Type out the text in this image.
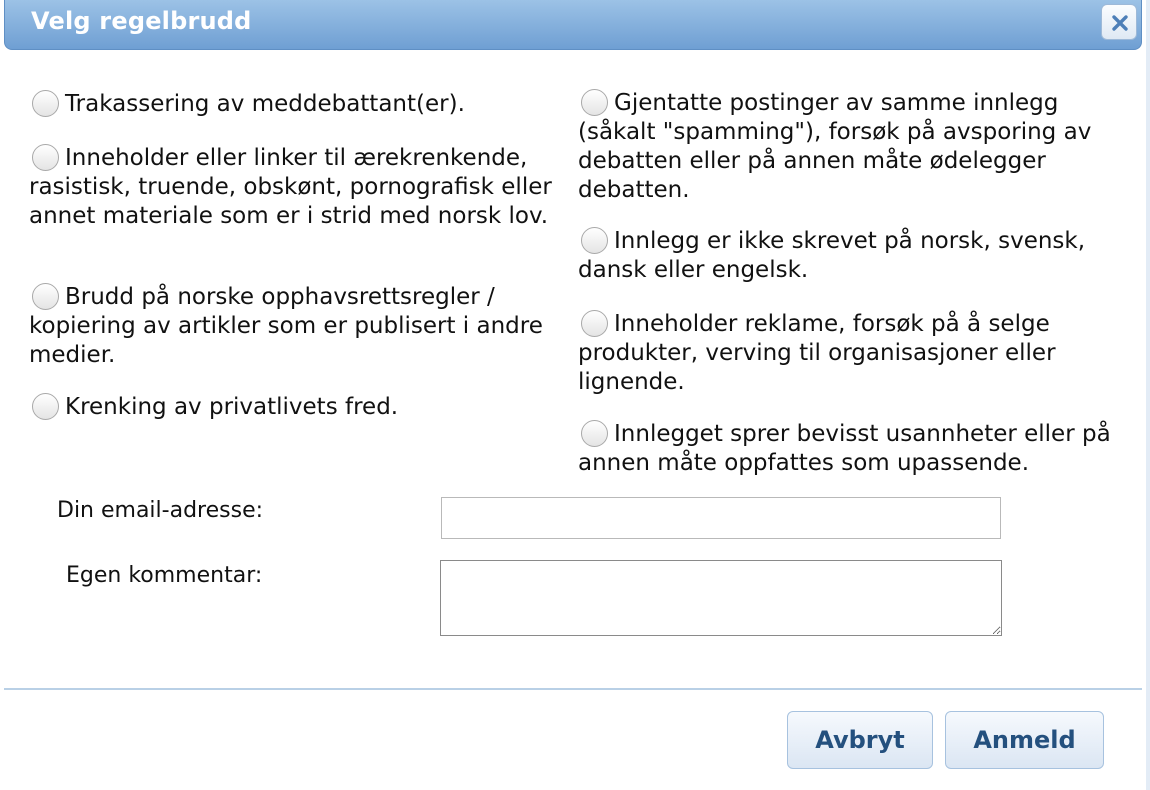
Velg regelbrudd
Trakassering av meddebattant(er).
Inneholder eller linker til ærekrenkende, rasistisk, truende, obskønt, pornografisk eller annet materiale som er i strid med norsk lov.
Brudd på norske opphavsrettsregler / kopiering av artikler som er publisert i andre medier.
Krenking av privatlivets fred.
Gjentatte postinger av samme innlegg (såkalt "spamming"), forsøk på avsporing av debatten eller på annen måte ødelegger debatten.
Innlegg er ikke skrevet på norsk, svensk, dansk eller engelsk.
Inneholder reklame, forsøk på å selge produkter, verving til organisasjoner eller lignende.
Innlegget sprer bevisst usannheter eller på annen måte oppfattes som upassende.
Din email-adresse:
Egen kommentar:
Avbryt	Anmeld
